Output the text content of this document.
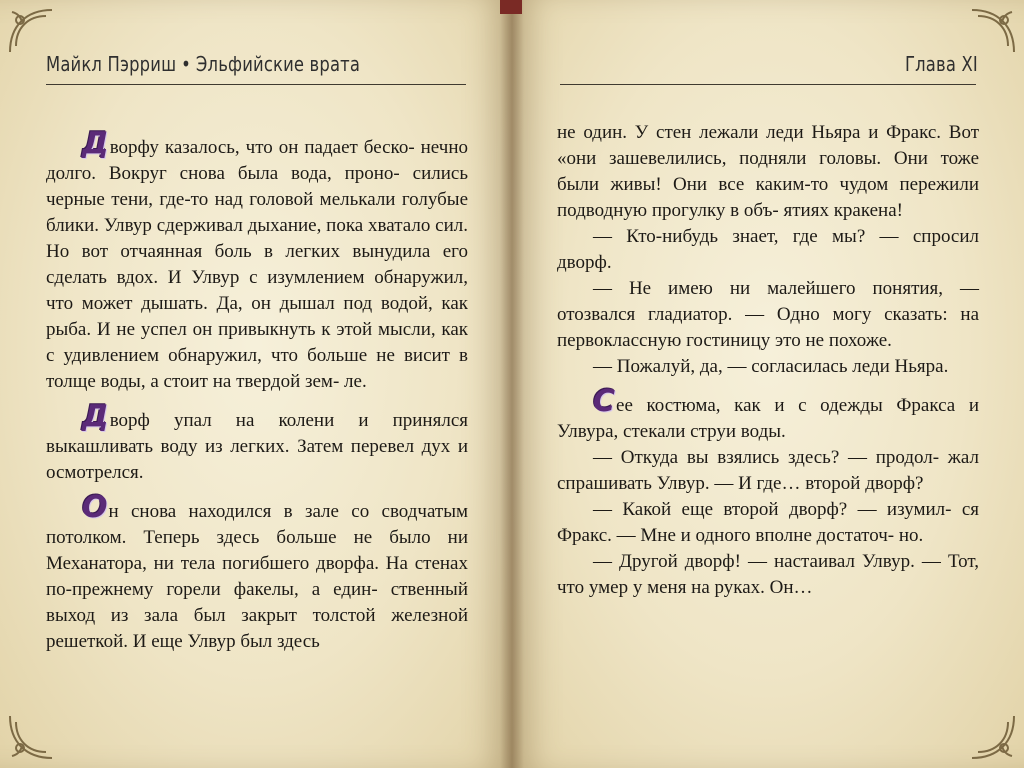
Майкл Пэрриш • Эльфийские врата

Дворфу казалось, что он падает беско- нечно долго. Вокруг снова была вода, проно- сились черные тени, где-то над головой мелькали голубые блики. Улвур сдерживал дыхание, пока хватало сил. Но вот отчаянная боль в легких вынудила его сделать вдох. И Улвур с изумлением обнаружил, что может дышать. Да, он дышал под водой, как рыба. И не успел он привыкнуть к этой мысли, как с удивлением обнаружил, что больше не висит в толще воды, а стоит на твердой зем- ле.

Дворф упал на колени и принялся выкашливать воду из легких. Затем перевел дух и осмотрелся.

Он снова находился в зале со сводчатым потолком. Теперь здесь больше не было ни Механатора, ни тела погибшего дворфа. На стенах по-прежнему горели факелы, а един- ственный выход из зала был закрыт толстой железной решеткой. И еще Улвур был здесь

Глава XI

не один. У стен лежали леди Ньяра и Фракс. Вот «они зашевелились, подняли головы. Они тоже были живы! Они все каким-то чудом пережили подводную прогулку в объ- ятиях кракена!

— Кто-нибудь знает, где мы? — спросил дворф.

— Не имею ни малейшего понятия, — отозвался гладиатор. — Одно могу сказать: на первоклассную гостиницу это не похоже.

— Пожалуй, да, — согласилась леди Ньяра.

Сее костюма, как и с одежды Фракса и Улвура, стекали струи воды.

— Откуда вы взялись здесь? — продол- жал спрашивать Улвур. — И где… второй дворф?

— Какой еще второй дворф? — изумил- ся Фракс. — Мне и одного вполне достаточ- но.

— Другой дворф! — настаивал Улвур. — Тот, что умер у меня на руках. Он…
